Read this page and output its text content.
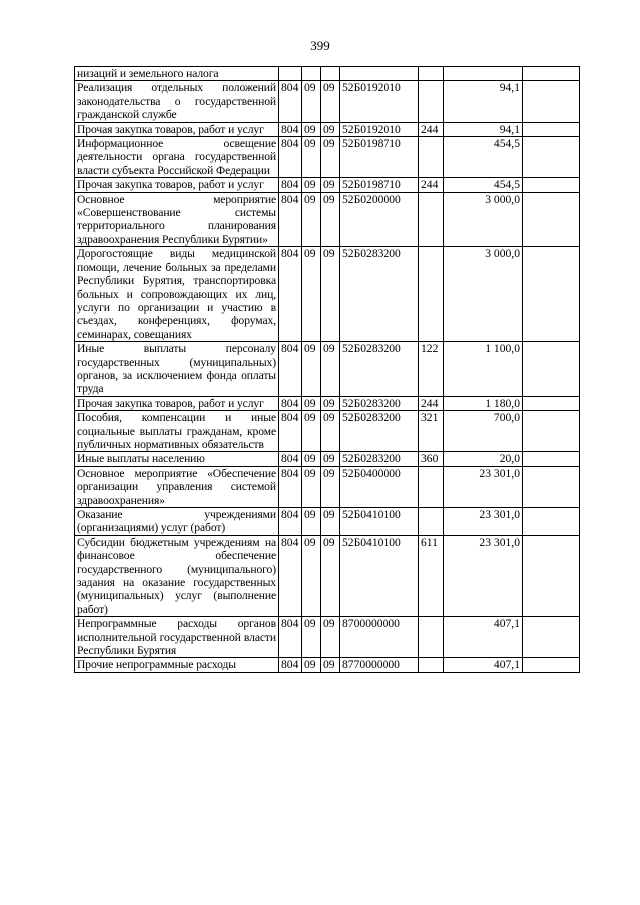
399
низаций и земельного налога							
Реализация отдельных положений законодательства о государственной гражданской службе	804	09	09	52Б0192010		94,1	
Прочая закупка товаров, работ и услуг	804	09	09	52Б0192010	244	94,1	
Информационное освещение деятельности органа государственной власти субъекта Российской Федерации	804	09	09	52Б0198710		454,5	
Прочая закупка товаров, работ и услуг	804	09	09	52Б0198710	244	454,5	
Основное мероприятие «Совершенствование системы территориального планирования здравоохранения Республики Бурятии»	804	09	09	52Б0200000		3 000,0	
Дорогостоящие виды медицинской помощи, лечение больных за пределами Республики Бурятия, транспортировка больных и сопровождающих их лиц, услуги по организации и участию в съездах, конференциях, форумах, семинарах, совещаниях	804	09	09	52Б0283200		3 000,0	
Иные выплаты персоналу государственных (муниципальных) органов, за исключением фонда оплаты труда	804	09	09	52Б0283200	122	1 100,0	
Прочая закупка товаров, работ и услуг	804	09	09	52Б0283200	244	1 180,0	
Пособия, компенсации и иные социальные выплаты гражданам, кроме публичных нормативных обязательств	804	09	09	52Б0283200	321	700,0	
Иные выплаты населению	804	09	09	52Б0283200	360	20,0	
Основное мероприятие «Обеспечение организации управления системой здравоохранения»	804	09	09	52Б0400000		23 301,0	
Оказание учреждениями (организациями) услуг (работ)	804	09	09	52Б0410100		23 301,0	
Субсидии бюджетным учреждениям на финансовое обеспечение государственного (муниципального) задания на оказание государственных (муниципальных) услуг (выполнение работ)	804	09	09	52Б0410100	611	23 301,0	
Непрограммные расходы органов исполнительной государственной власти Республики Бурятия	804	09	09	8700000000		407,1	
Прочие непрограммные расходы	804	09	09	8770000000		407,1	
